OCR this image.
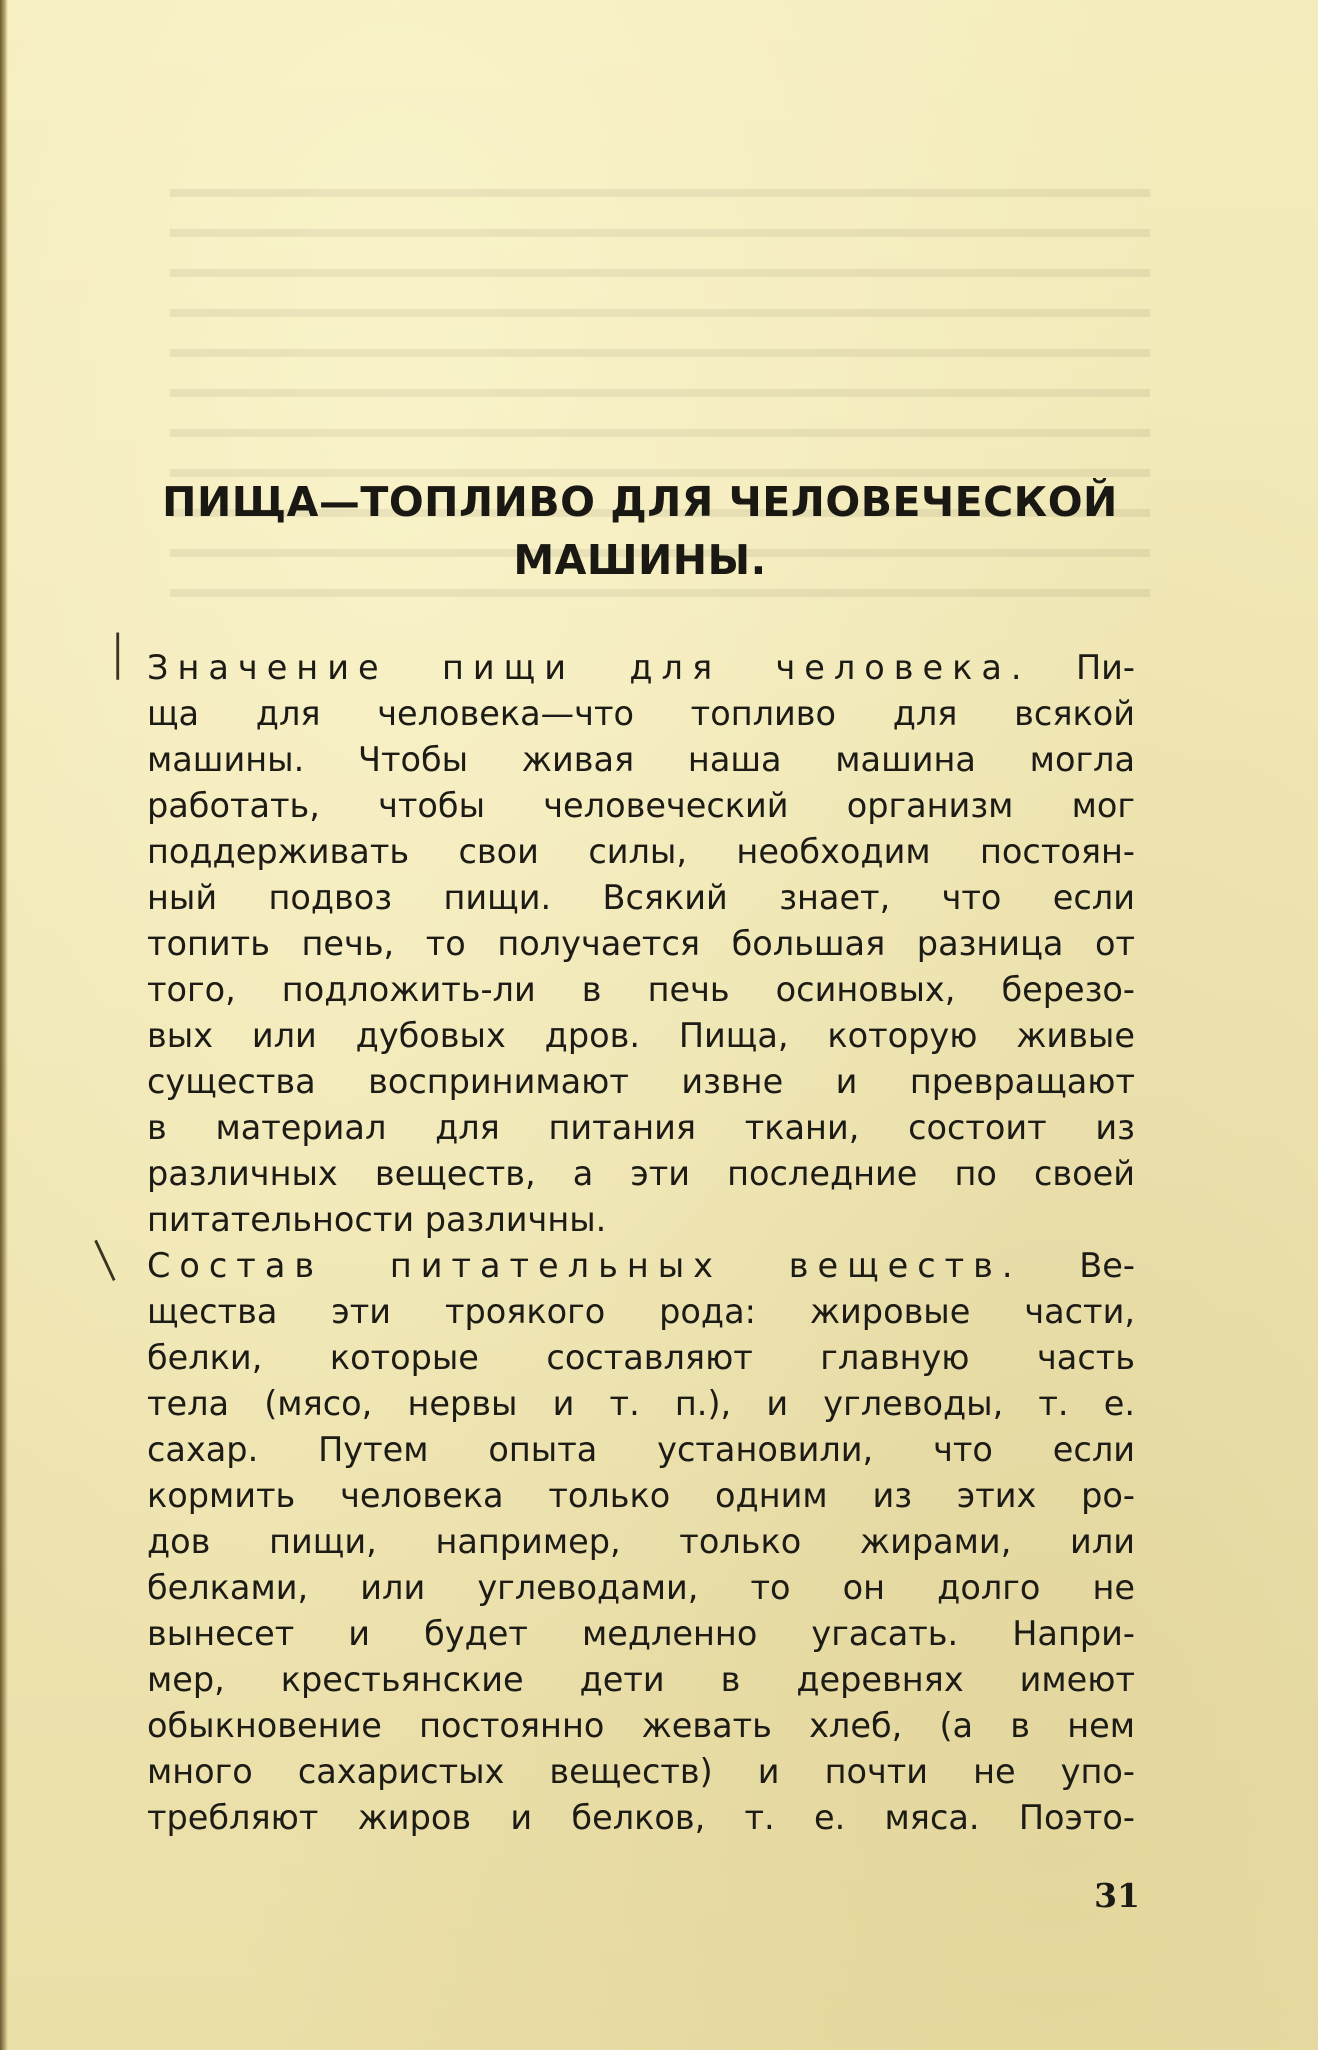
ПИЩА—ТОПЛИВО ДЛЯ ЧЕЛОВЕЧЕСКОЙ
МАШИНЫ.
|
|
Значение пищи для человека. Пи-
ща для человека—что топливо для всякой
машины. Чтобы живая наша машина могла
работать, чтобы человеческий организм мог
поддерживать свои силы, необходим постоян-
ный подвоз пищи. Всякий знает, что если
топить печь, то получается большая разница от
того, подложить-ли в печь осиновых, березо-
вых или дубовых дров. Пища, которую живые
существа воспринимают извне и превращают
в материал для питания ткани, состоит из
различных веществ, а эти последние по своей
питательности различны.
Состав питательных веществ. Ве-
щества эти троякого рода: жировые части,
белки, которые составляют главную часть
тела (мясо, нервы и т. п.), и углеводы, т. е.
сахар. Путем опыта установили, что если
кормить человека только одним из этих ро-
дов пищи, например, только жирами, или
белками, или углеводами, то он долго не
вынесет и будет медленно угасать. Напри-
мер, крестьянские дети в деревнях имеют
обыкновение постоянно жевать хлеб, (а в нем
много сахаристых веществ) и почти не упо-
требляют жиров и белков, т. е. мяса. Поэто-
31
